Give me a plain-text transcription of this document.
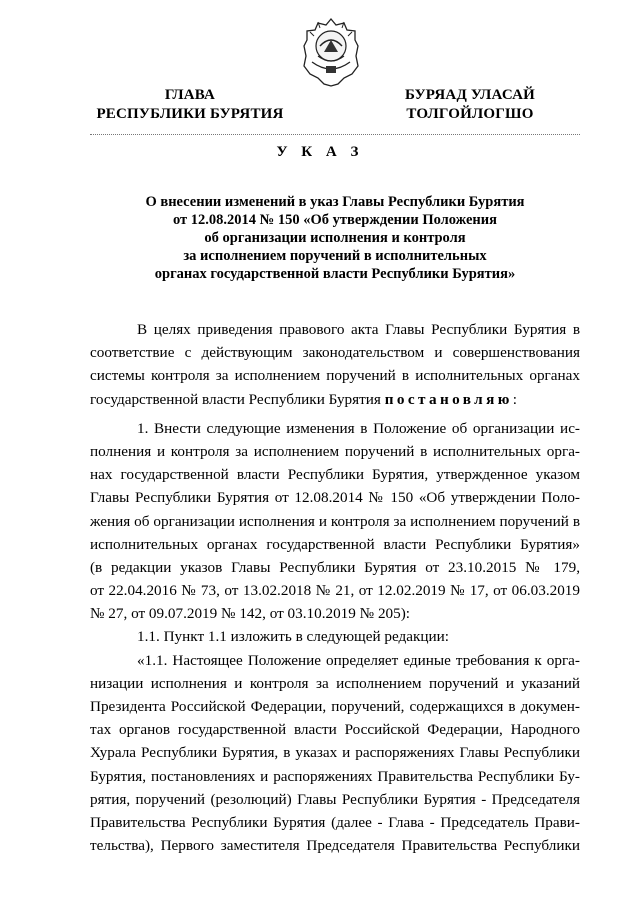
ГЛАВА
РЕСПУБЛИКИ БУРЯТИЯ
БУРЯАД УЛАСАЙ
ТОЛГОЙЛОГШО
У К А З
О внесении изменений в указ Главы Республики Бурятия
от 12.08.2014 № 150 «Об утверждении Положения
об организации исполнения и контроля
за исполнением поручений в исполнительных
органах государственной власти Республики Бурятия»
В целях приведения правового акта Главы Республики Бурятия в
соответствие с действующим законодательством и совершенствования
системы контроля за исполнением поручений в исполнительных органах
государственной власти Республики Бурятия постановляю:
1. Внести следующие изменения в Положение об организации ис-
полнения и контроля за исполнением поручений в исполнительных орга-
нах государственной власти Республики Бурятия, утвержденное указом
Главы Республики Бурятия от 12.08.2014 № 150 «Об утверждении Поло-
жения об организации исполнения и контроля за исполнением поручений в
исполнительных органах государственной власти Республики Бурятия»
(в редакции указов Главы Республики Бурятия от 23.10.2015 № 179,
от 22.04.2016 № 73, от 13.02.2018 № 21, от 12.02.2019 № 17, от 06.03.2019
№ 27, от 09.07.2019 № 142, от 03.10.2019 № 205):
1.1. Пункт 1.1 изложить в следующей редакции:
«1.1. Настоящее Положение определяет единые требования к орга-
низации исполнения и контроля за исполнением поручений и указаний
Президента Российской Федерации, поручений, содержащихся в докумен-
тах органов государственной власти Российской Федерации, Народного
Хурала Республики Бурятия, в указах и распоряжениях Главы Республики
Бурятия, постановлениях и распоряжениях Правительства Республики Бу-
рятия, поручений (резолюций) Главы Республики Бурятия - Председателя
Правительства Республики Бурятия (далее - Глава - Председатель Прави-
тельства), Первого заместителя Председателя Правительства Республики
